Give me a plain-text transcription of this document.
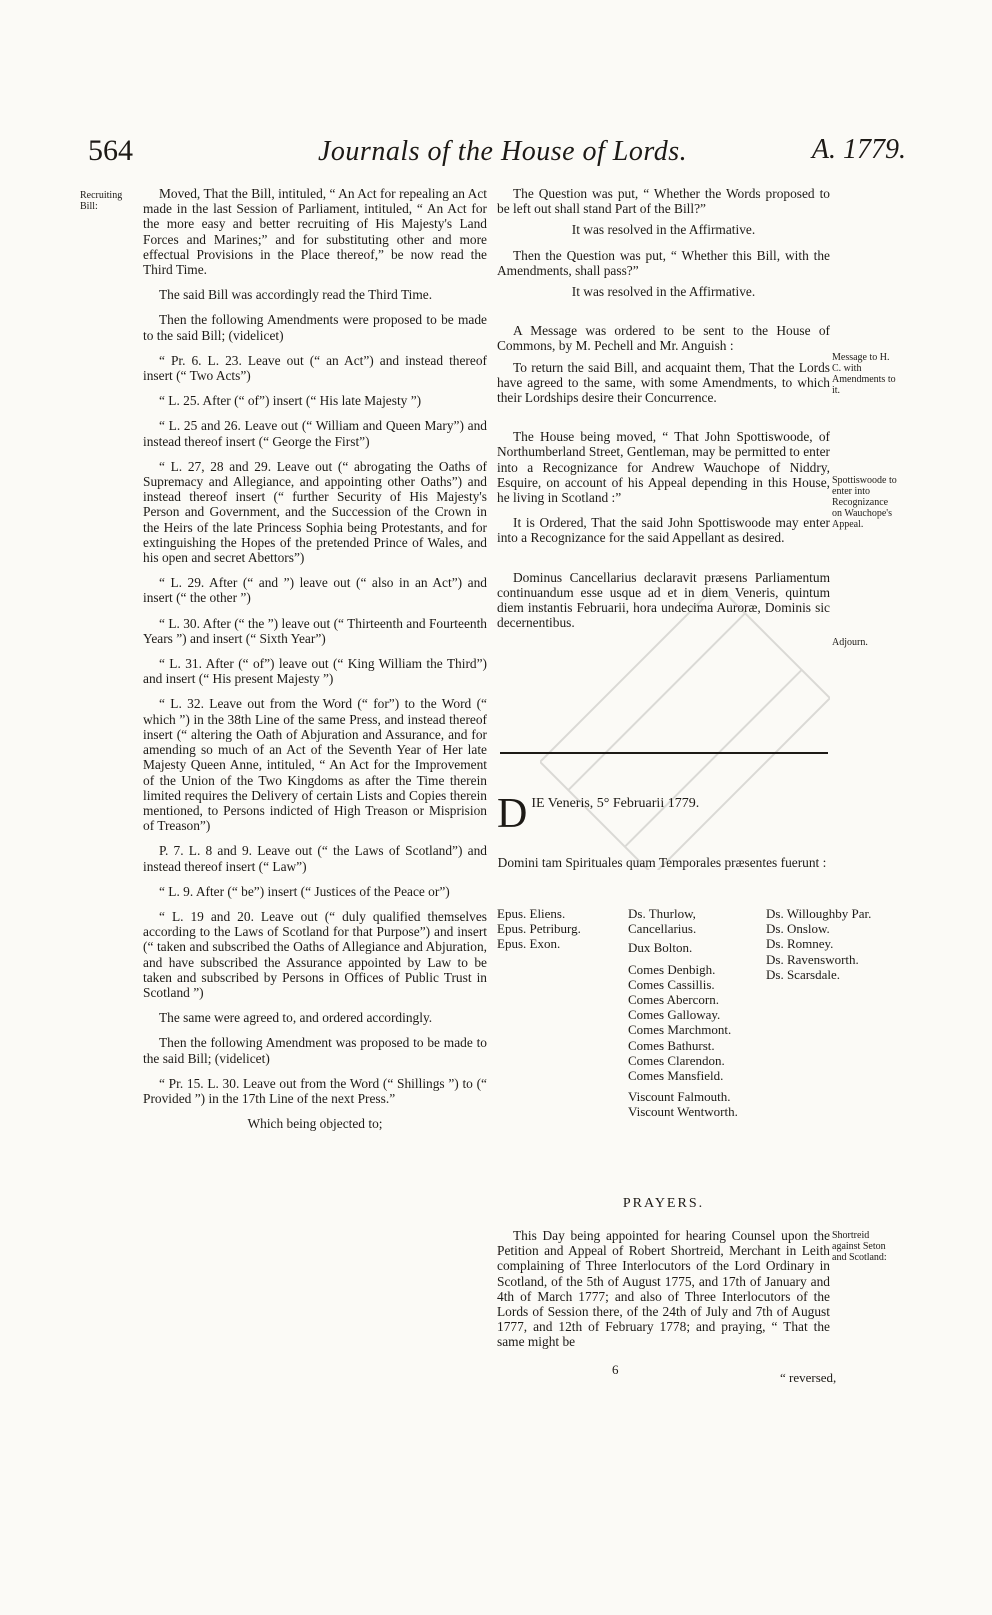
564	Journals of the House of Lords.	A. 1779.
Recruiting Bill:

Moved, That the Bill, intituled, “ An Act for repealing an Act made in the last Session of Parliament, intituled, “ An Act for the more easy and better recruiting of His Majesty's Land Forces and Marines;” and for substituting other and more effectual Provisions in the Place thereof,” be now read the Third Time.

The said Bill was accordingly read the Third Time.

Then the following Amendments were proposed to be made to the said Bill; (videlicet)

“ Pr. 6. L. 23. Leave out (“ an Act”) and instead thereof insert (“ Two Acts”)

“ L. 25. After (“ of”) insert (“ His late Majesty ”)

“ L. 25 and 26. Leave out (“ William and Queen Mary”) and instead thereof insert (“ George the First”)

“ L. 27, 28 and 29. Leave out (“ abrogating the Oaths of Supremacy and Allegiance, and appointing other Oaths”) and instead thereof insert (“ further Security of His Majesty's Person and Government, and the Succession of the Crown in the Heirs of the late Princess Sophia being Protestants, and for extinguishing the Hopes of the pretended Prince of Wales, and his open and secret Abettors”)

“ L. 29. After (“ and ”) leave out (“ also in an Act”) and insert (“ the other ”)

“ L. 30. After (“ the ”) leave out (“ Thirteenth and Fourteenth Years ”) and insert (“ Sixth Year”)

“ L. 31. After (“ of”) leave out (“ King William the Third”) and insert (“ His present Majesty ”)

“ L. 32. Leave out from the Word (“ for”) to the Word (“ which ”) in the 38th Line of the same Press, and instead thereof insert (“ altering the Oath of Abjuration and Assurance, and for amending so much of an Act of the Seventh Year of Her late Majesty Queen Anne, intituled, “ An Act for the Improvement of the Union of the Two Kingdoms as after the Time therein limited requires the Delivery of certain Lists and Copies therein mentioned, to Persons indicted of High Treason or Misprision of Treason”)

P. 7. L. 8 and 9. Leave out (“ the Laws of Scotland”) and instead thereof insert (“ Law”)

“ L. 9. After (“ be”) insert (“ Justices of the Peace or”)

“ L. 19 and 20. Leave out (“ duly qualified themselves according to the Laws of Scotland for that Purpose”) and insert (“ taken and subscribed the Oaths of Allegiance and Abjuration, and have subscribed the Assurance appointed by Law to be taken and subscribed by Persons in Offices of Public Trust in Scotland ”)

The same were agreed to, and ordered accordingly.

Then the following Amendment was proposed to be made to the said Bill; (videlicet)

“ Pr. 15. L. 30. Leave out from the Word (“ Shillings ”) to (“ Provided ”) in the 17th Line of the next Press.”

Which being objected to;

The Question was put, “ Whether the Words proposed to be left out shall stand Part of the Bill?”

It was resolved in the Affirmative.

Then the Question was put, “ Whether this Bill, with the Amendments, shall pass?”

It was resolved in the Affirmative.

A Message was ordered to be sent to the House of Commons, by M. Pechell and Mr. Anguish :

To return the said Bill, and acquaint them, That the Lords have agreed to the same, with some Amendments, to which their Lordships desire their Concurrence.

The House being moved, “ That John Spottiswoode, of Northumberland Street, Gentleman, may be permitted to enter into a Recognizance for Andrew Wauchope of Niddry, Esquire, on account of his Appeal depending in this House, he living in Scotland :”

It is Ordered, That the said John Spottiswoode may enter into a Recognizance for the said Appellant as desired.

Dominus Cancellarius declaravit præsens Parliamentum continuandum esse usque ad et in diem Veneris, quintum diem instantis Februarii, hora undecima Auroræ, Dominis sic decernentibus.

Message to H. C. with Amendments to it.
Spottiswoode to enter into Recognizance on Wauchope's Appeal.
Adjourn.
Shortreid against Seton and Scotland:
D IE Veneris, 5° Februarii 1779.
Domini tam Spirituales quam Temporales præsentes fuerunt :
Epus. Eliens.
Epus. Petriburg.
Epus. Exon.
Ds. Thurlow, Cancellarius.
Dux Bolton.
Comes Denbigh.
Comes Cassillis.
Comes Abercorn.
Comes Galloway.
Comes Marchmont.
Comes Bathurst.
Comes Clarendon.
Comes Mansfield.
Viscount Falmouth.
Viscount Wentworth.
Ds. Willoughby Par.
Ds. Onslow.
Ds. Romney.
Ds. Ravensworth.
Ds. Scarsdale.
PRAYERS.

This Day being appointed for hearing Counsel upon the Petition and Appeal of Robert Shortreid, Merchant in Leith complaining of Three Interlocutors of the Lord Ordinary in Scotland, of the 5th of August 1775, and 17th of January and 4th of March 1777; and also of Three Interlocutors of the Lords of Session there, of the 24th of July and 7th of August 1777, and 12th of February 1778; and praying, “ That the same might be

6
“ reversed,
